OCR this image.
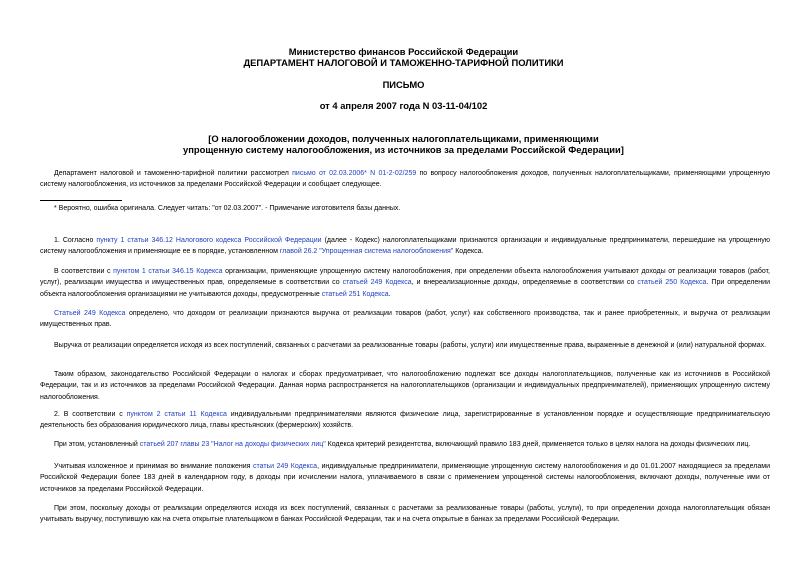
Министерство финансов Российской Федерации
ДЕПАРТАМЕНТ НАЛОГОВОЙ И ТАМОЖЕННО-ТАРИФНОЙ ПОЛИТИКИ
ПИСЬМО
от 4 апреля 2007 года N 03-11-04/102
[О налогообложении доходов, полученных налогоплательщиками, применяющими
упрощенную систему налогообложения, из источников за пределами Российской Федерации]
Департамент налоговой и таможенно-тарифной политики рассмотрел письмо от 02.03.2006* N 01-2-02/259 по вопросу налогообложения доходов, полученных налогоплательщиками, применяющими упрощенную систему налогообложения, из источников за пределами Российской Федерации и сообщает следующее.
* Вероятно, ошибка оригинала. Следует читать: "от 02.03.2007". - Примечание изготовителя базы данных.
1. Согласно пункту 1 статьи 346.12 Налогового кодекса Российской Федерации (далее - Кодекс) налогоплательщиками признаются организации и индивидуальные предприниматели, перешедшие на упрощенную систему налогообложения и применяющие ее в порядке, установленном главой 26.2 "Упрощенная система налогообложения" Кодекса.
В соответствии с пунктом 1 статьи 346.15 Кодекса организации, применяющие упрощенную систему налогообложения, при определении объекта налогообложения учитывают доходы от реализации товаров (работ, услуг), реализации имущества и имущественных прав, определяемые в соответствии со статьей 249 Кодекса, и внереализационные доходы, определяемые в соответствии со статьей 250 Кодекса. При определении объекта налогообложения организациями не учитываются доходы, предусмотренные статьей 251 Кодекса.
Статьей 249 Кодекса определено, что доходом от реализации признаются выручка от реализации товаров (работ, услуг) как собственного производства, так и ранее приобретенных, и выручка от реализации имущественных прав.
Выручка от реализации определяется исходя из всех поступлений, связанных с расчетами за реализованные товары (работы, услуги) или имущественные права, выраженные в денежной и (или) натуральной формах.
Таким образом, законодательство Российской Федерации о налогах и сборах предусматривает, что налогообложению подлежат все доходы налогоплательщиков, полученные как из источников в Российской Федерации, так и из источников за пределами Российской Федерации. Данная норма распространяется на налогоплательщиков (организации и индивидуальных предпринимателей), применяющих упрощенную систему налогообложения.
2. В соответствии с пунктом 2 статьи 11 Кодекса индивидуальными предпринимателями являются физические лица, зарегистрированные в установленном порядке и осуществляющие предпринимательскую деятельность без образования юридического лица, главы крестьянских (фермерских) хозяйств.
При этом, установленный статьей 207 главы 23 "Налог на доходы физических лиц" Кодекса критерий резидентства, включающий правило 183 дней, применяется только в целях налога на доходы физических лиц.
Учитывая изложенное и принимая во внимание положения статьи 249 Кодекса, индивидуальные предприниматели, применяющие упрощенную систему налогообложения и до 01.01.2007 находящиеся за пределами Российской Федерации более 183 дней в календарном году, в доходы при исчислении налога, уплачиваемого в связи с применением упрощенной системы налогообложения, включают доходы, полученные ими от источников за пределами Российской Федерации.
При этом, поскольку доходы от реализации определяются исходя из всех поступлений, связанных с расчетами за реализованные товары (работы, услуги), то при определении дохода налогоплательщик обязан учитывать выручку, поступившую как на счета открытые плательщиком в банках Российской Федерации, так и на счета открытые в банках за пределами Российской Федерации.
